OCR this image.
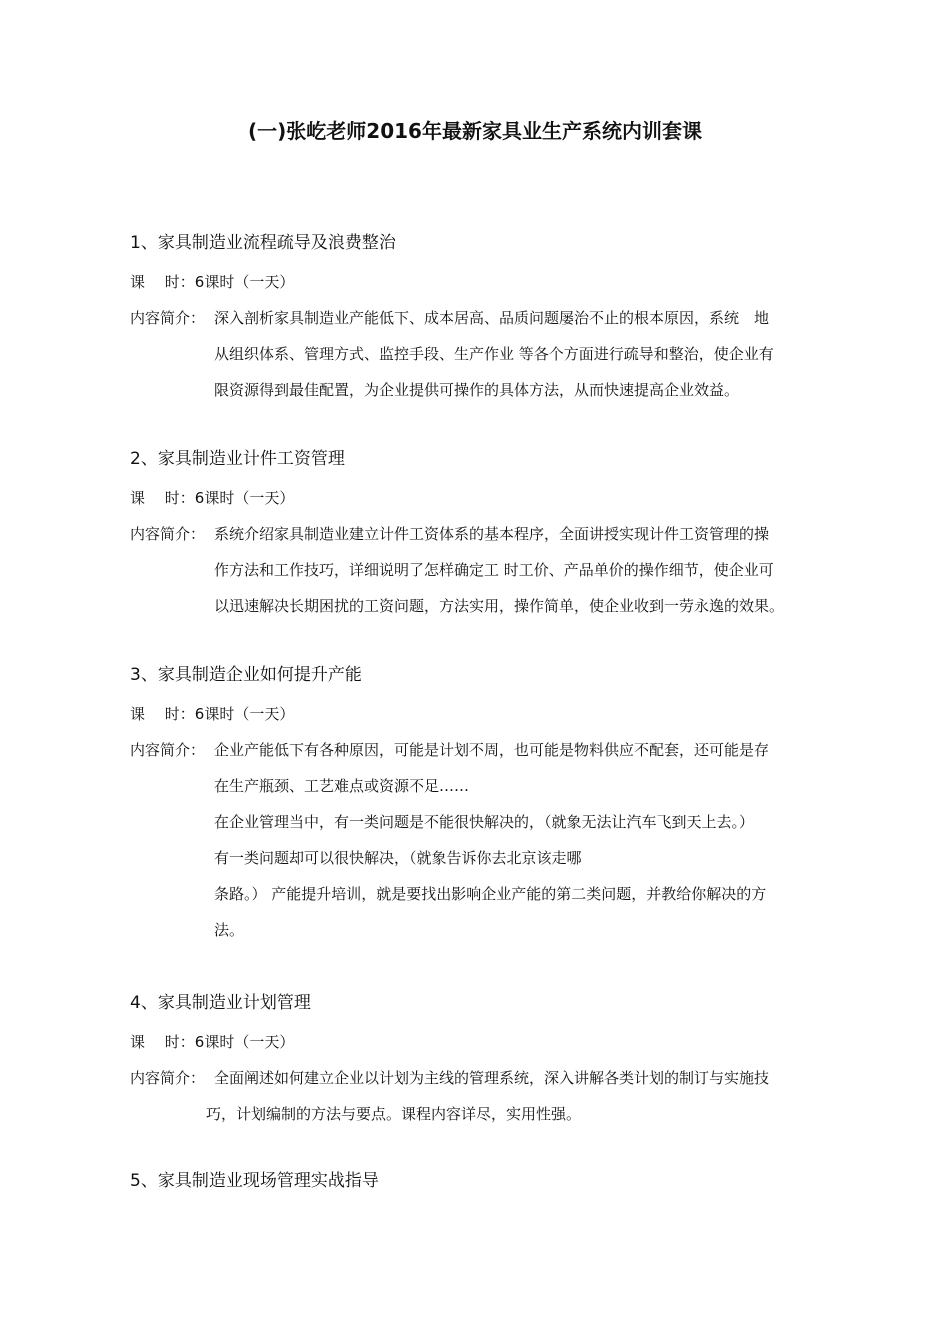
(一)张屹老师2016年最新家具业生产系统内训套课
1、家具制造业流程疏导及浪费整治
课　 时：6课时（一天）
内容简介： 深入剖析家具制造业产能低下、成本居高、品质问题屡治不止的根本原因，系统　地
从组织体系、管理方式、监控手段、生产作业 等各个方面进行疏导和整治，使企业有
限资源得到最佳配置，为企业提供可操作的具体方法，从而快速提高企业效益。
2、家具制造业计件工资管理
课　 时：6课时（一天）
内容简介： 系统介绍家具制造业建立计件工资体系的基本程序，全面讲授实现计件工资管理的操
作方法和工作技巧，详细说明了怎样确定工 时工价、产品单价的操作细节，使企业可
以迅速解决长期困扰的工资问题，方法实用，操作简单，使企业收到一劳永逸的效果。
3、家具制造企业如何提升产能
课　 时：6课时（一天）
内容简介： 企业产能低下有各种原因，可能是计划不周，也可能是物料供应不配套，还可能是存
在生产瓶颈、工艺难点或资源不足……
在企业管理当中，有一类问题是不能很快解决的，（就象无法让汽车飞到天上去。）
有一类问题却可以很快解决，（就象告诉你去北京该走哪
条路。） 产能提升培训，就是要找出影响企业产能的第二类问题，并教给你解决的方
法。
4、家具制造业计划管理
课　 时：6课时（一天）
内容简介： 全面阐述如何建立企业以计划为主线的管理系统，深入讲解各类计划的制订与实施技
巧，计划编制的方法与要点。课程内容详尽，实用性强。
5、家具制造业现场管理实战指导
